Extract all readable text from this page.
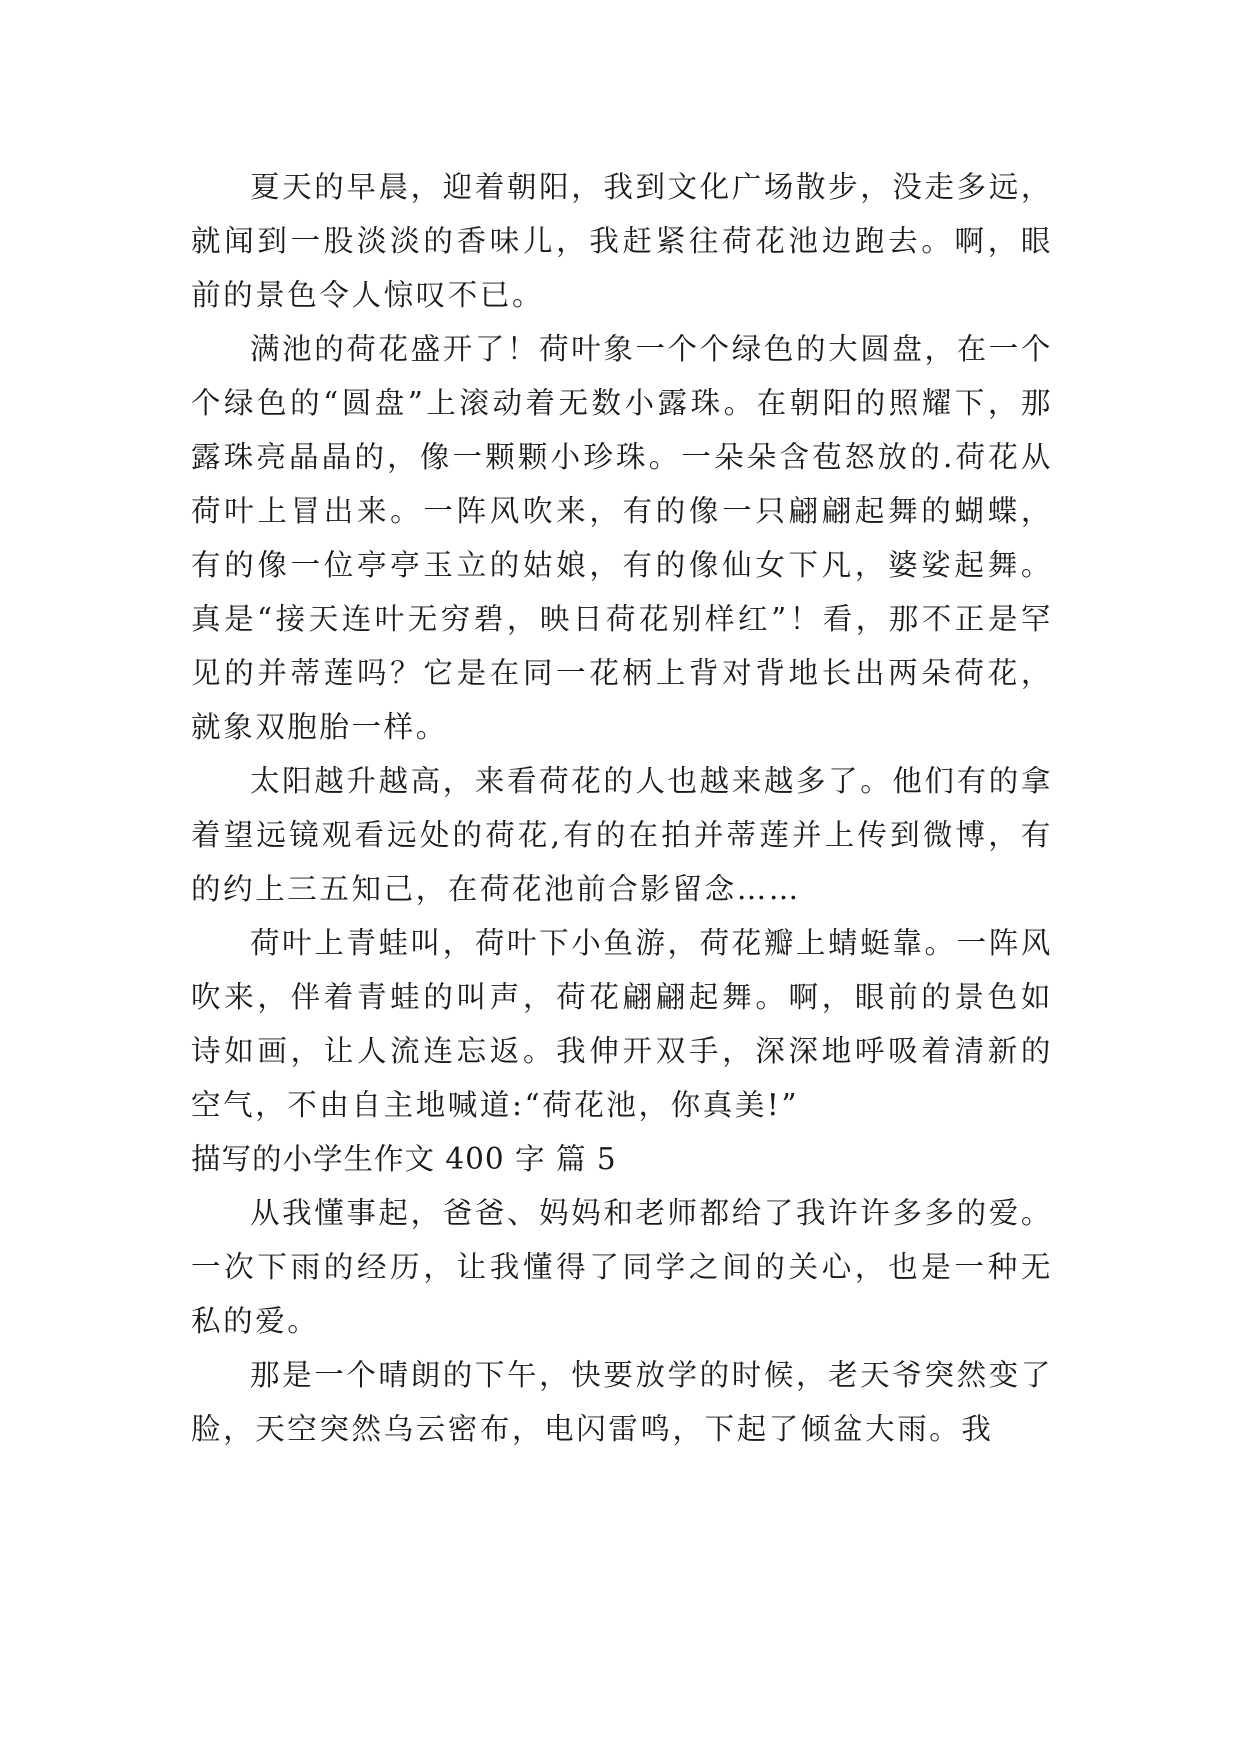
夏天的早晨，迎着朝阳，我到文化广场散步，没走多远，就闻到一股淡淡的香味儿，我赶紧往荷花池边跑去。啊，眼前的景色令人惊叹不已。

满池的荷花盛开了！荷叶象一个个绿色的大圆盘，在一个个绿色的“圆盘”上滚动着无数小露珠。在朝阳的照耀下，那露珠亮晶晶的，像一颗颗小珍珠。一朵朵含苞怒放的.荷花从荷叶上冒出来。一阵风吹来，有的像一只翩翩起舞的蝴蝶，有的像一位亭亭玉立的姑娘，有的像仙女下凡，婆娑起舞。真是“接天连叶无穷碧，映日荷花别样红”！看，那不正是罕见的并蒂莲吗？它是在同一花柄上背对背地长出两朵荷花，就象双胞胎一样。

太阳越升越高，来看荷花的人也越来越多了。他们有的拿着望远镜观看远处的荷花,有的在拍并蒂莲并上传到微博，有的约上三五知己，在荷花池前合影留念……

荷叶上青蛙叫，荷叶下小鱼游，荷花瓣上蜻蜓靠。一阵风吹来，伴着青蛙的叫声，荷花翩翩起舞。啊，眼前的景色如诗如画，让人流连忘返。我伸开双手，深深地呼吸着清新的空气，不由自主地喊道:“荷花池，你真美!”

描写的小学生作文 400 字 篇 5

从我懂事起，爸爸、妈妈和老师都给了我许许多多的爱。一次下雨的经历，让我懂得了同学之间的关心，也是一种无私的爱。

那是一个晴朗的下午，快要放学的时候，老天爷突然变了脸，天空突然乌云密布，电闪雷鸣，下起了倾盆大雨。我
